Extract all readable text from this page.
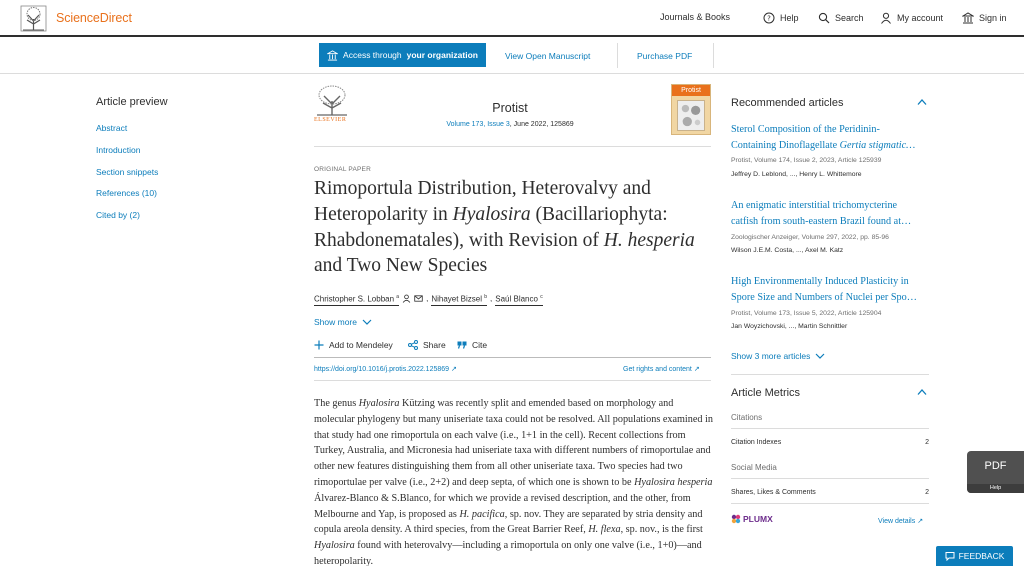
ScienceDirect	Journals & Books	? Help	Search	My account	Sign in
Access through your organization	View Open Manuscript	Purchase PDF
Article preview
Abstract
Introduction
Section snippets
References (10)
Cited by (2)
ELSEVIER
Protist
Volume 173, Issue 3, June 2022, 125869
Protist
ORIGINAL PAPER
Rimoportula Distribution, Heterovalvy and Heteropolarity in Hyalosira (Bacillariophyta: Rhabdonematales), with Revision of H. hesperia and Two New Species
Christopher S. Lobban $^a$	, Nihayet Bizsel $^b$ , Saúl Blanco $^c$
Show more
Add to Mendeley	Share	Cite
https://doi.org/10.1016/j.protis.2022.125869 ↗	Get rights and content ↗
The genus Hyalosira Kützing was recently split and emended based on morphology and molecular phylogeny but many uniseriate taxa could not be resolved. All populations examined in that study had one rimoportula on each valve (i.e., 1+1 in the cell). Recent collections from Turkey, Australia, and Micronesia had uniseriate taxa with different numbers of rimoportulae and other new features distinguishing them from all other uniseriate taxa. Two species had two rimoportulae per valve (i.e., 2+2) and deep septa, of which one is shown to be Hyalosira hesperia Álvarez-Blanco & S.Blanco, for which we provide a revised description, and the other, from Melbourne and Yap, is proposed as H. pacifica, sp. nov. They are separated by stria density and copula areola density. A third species, from the Great Barrier Reef, H. flexa, sp. nov., is the first Hyalosira found with heterovalvy—including a rimoportula on only one valve (i.e., 1+0)—and heteropolarity.
Recommended articles
Sterol Composition of the Peridinin-
Containing Dinoflagellate Gertia stigmatic…
Protist, Volume 174, Issue 2, 2023, Article 125939
Jeffrey D. Leblond, ..., Henry L. Whittemore
An enigmatic interstitial trichomycterine
catfish from south-eastern Brazil found at…
Zoologischer Anzeiger, Volume 297, 2022, pp. 85-96
Wilson J.E.M. Costa, ..., Axel M. Katz
High Environmentally Induced Plasticity in
Spore Size and Numbers of Nuclei per Spo…
Protist, Volume 173, Issue 5, 2022, Article 125904
Jan Woyzichovski, ..., Martin Schnittler
Show 3 more articles
Article Metrics
Citations
Citation Indexes	2
Social Media
Shares, Likes & Comments	2
PLUMX	View details ↗
PDF
Help
FEEDBACK
